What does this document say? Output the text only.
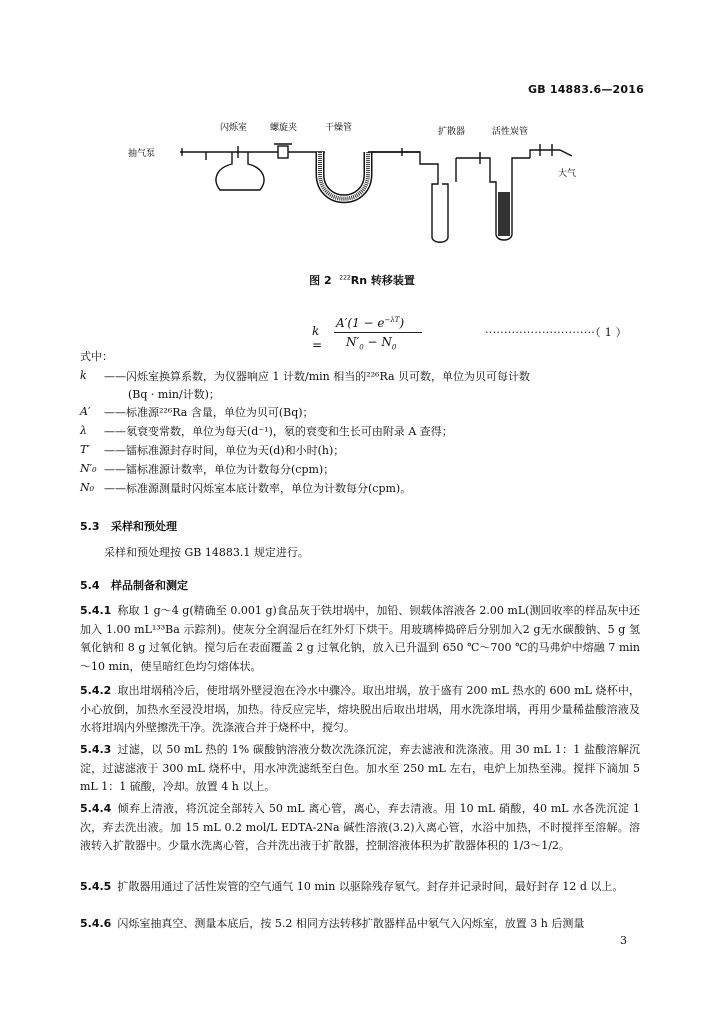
GB 14883.6—2016
抽气泵
闪烁室	螺旋夹	干燥管	扩散器	活性炭管
大气
图 2 $^{222}$Rn 转移装置
k =
$A'(1 - e^{-\lambda T})$
$N'_0 - N_0$
·····························（ 1 ）
式中：
k ——闪烁室换算系数，为仪器响应 1 计数/min 相当的²²⁶Ra 贝可数，单位为贝可每计数
(Bq · min/计数)；
A′ ——标准源²²⁶Ra 含量，单位为贝可(Bq)；
λ ——氡衰变常数，单位为每天(d⁻¹)，氡的衰变和生长可由附录 A 查得；
T′ ——镭标准源封存时间，单位为天(d)和小时(h)；
N′₀ ——镭标准源计数率，单位为计数每分(cpm)；
N₀ ——标准源测量时闪烁室本底计数率，单位为计数每分(cpm)。
5.3 采样和预处理
采样和预处理按 GB 14883.1 规定进行。
5.4 样品制备和测定
5.4.1 称取 1 g～4 g(精确至 0.001 g)食品灰于铁坩埚中，加铅、钡载体溶液各 2.00 mL(测回收率的样品灰中还加入 1.00 mL¹³³Ba 示踪剂)。使灰分全润湿后在红外灯下烘干。用玻璃棒捣碎后分别加入2 g无水碳酸钠、5 g 氢氧化钠和 8 g 过氧化钠。搅匀后在表面覆盖 2 g 过氧化钠，放入已升温到 650 ℃～700 ℃的马弗炉中熔融 7 min～10 min，使呈暗红色均匀熔体状。
5.4.2 取出坩埚稍冷后，使坩埚外壁浸泡在冷水中骤冷。取出坩埚，放于盛有 200 mL 热水的 600 mL 烧杯中，小心放倒，加热水至浸没坩埚，加热。待反应完毕，熔块脱出后取出坩埚，用水洗涤坩埚，再用少量稀盐酸溶液及水将坩埚内外壁擦洗干净。洗涤液合并于烧杯中，搅匀。
5.4.3 过滤，以 50 mL 热的 1% 碳酸钠溶液分数次洗涤沉淀，弃去滤液和洗涤液。用 30 mL 1：1 盐酸溶解沉淀，过滤滤液于 300 mL 烧杯中，用水冲洗滤纸至白色。加水至 250 mL 左右，电炉上加热至沸。搅拌下滴加 5 mL 1：1 硫酸，冷却。放置 4 h 以上。
5.4.4 倾弃上清液，将沉淀全部转入 50 mL 离心管，离心，弃去清液。用 10 mL 硝酸，40 mL 水各洗沉淀 1 次，弃去洗出液。加 15 mL 0.2 mol/L EDTA-2Na 碱性溶液(3.2)入离心管，水浴中加热，不时搅拌至溶解。溶液转入扩散器中。少量水洗离心管，合并洗出液于扩散器，控制溶液体积为扩散器体积的 1/3～1/2。
5.4.5 扩散器用通过了活性炭管的空气通气 10 min 以驱除残存氡气。封存并记录时间，最好封存 12 d 以上。
5.4.6 闪烁室抽真空、测量本底后，按 5.2 相同方法转移扩散器样品中氡气入闪烁室，放置 3 h 后测量
3
